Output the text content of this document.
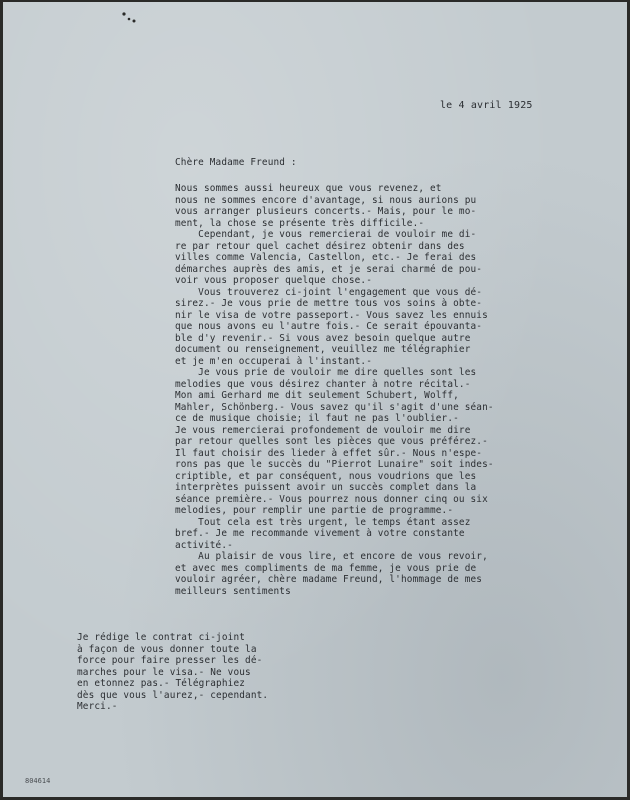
le 4 avril 1925
Chère Madame Freund :
Nous sommes aussi heureux que vous revenez, et
nous ne sommes encore d'avantage, si nous aurions pu
vous arranger plusieurs concerts.- Mais, pour le mo-
ment, la chose se présente très difficile.-
Cependant, je vous remercierai de vouloir me di-
re par retour quel cachet désirez obtenir dans des
villes comme Valencia, Castellon, etc.- Je ferai des
démarches auprès des amis, et je serai charmé de pou-
voir vous proposer quelque chose.-
Vous trouverez ci-joint l'engagement que vous dé-
sirez.- Je vous prie de mettre tous vos soins à obte-
nir le visa de votre passeport.- Vous savez les ennuis
que nous avons eu l'autre fois.- Ce serait épouvanta-
ble d'y revenir.- Si vous avez besoin quelque autre
document ou renseignement, veuillez me télégraphier
et je m'en occuperai à l'instant.-
Je vous prie de vouloir me dire quelles sont les
melodies que vous désirez chanter à notre récital.-
Mon ami Gerhard me dit seulement Schubert, Wolff,
Mahler, Schönberg.- Vous savez qu'il s'agit d'une séan-
ce de musique choisie; il faut ne pas l'oublier.-
Je vous remercierai profondement de vouloir me dire
par retour quelles sont les pièces que vous préférez.-
Il faut choisir des lieder à effet sûr.- Nous n'espe-
rons pas que le succès du "Pierrot Lunaire" soit indes-
criptible, et par conséquent, nous voudrions que les
interprètes puissent avoir un succès complet dans la
séance première.- Vous pourrez nous donner cinq ou six
melodies, pour remplir une partie de programme.-
Tout cela est très urgent, le temps étant assez
bref.- Je me recommande vivement à votre constante
activité.-
Au plaisir de vous lire, et encore de vous revoir,
et avec mes compliments de ma femme, je vous prie de
vouloir agréer, chère madame Freund, l'hommage de mes
meilleurs sentiments
Je rédige le contrat ci-joint
à façon de vous donner toute la
force pour faire presser les dé-
marches pour le visa.- Ne vous
en etonnez pas.- Télégraphiez
dès que vous l'aurez,- cependant.
Merci.-
804614
